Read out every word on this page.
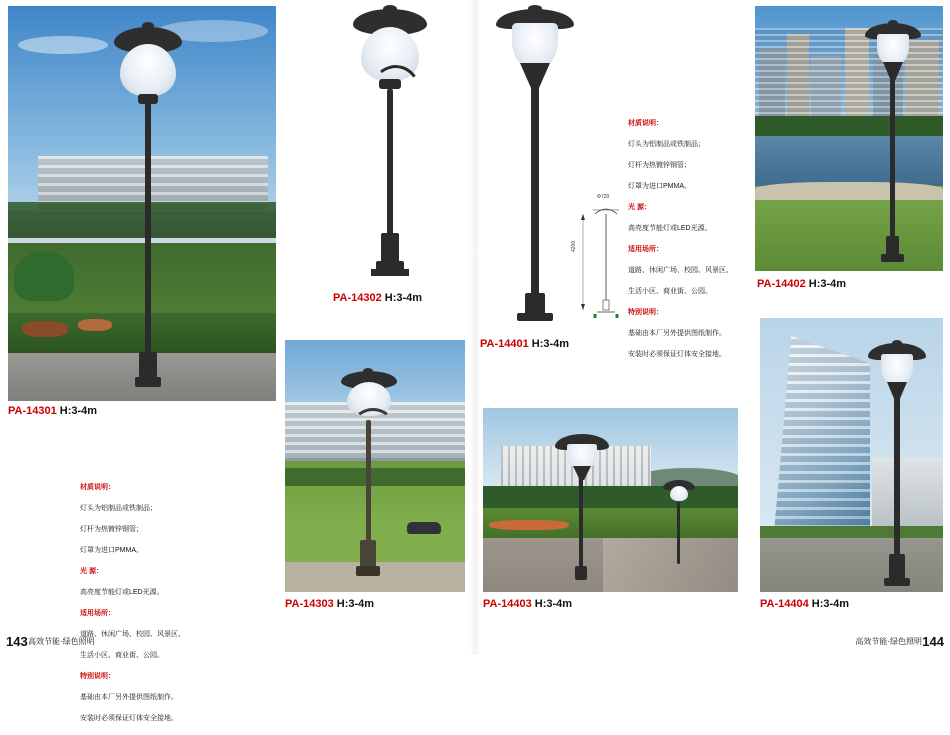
PA-14301 H:3-4m

材质说明：

灯头为铝制品或铁制品；

灯杆为热镀锌钢管；

灯罩为进口PMMA。

光 源：

高亮度节能灯或LED光源。

适用场所：

道路、休闲广场、校园、风景区、

生活小区、商业街、公园。

特别说明：

基础由本厂另外提供图纸制作。

安装时必须保证灯体安全接地。

PA-14302 H:3-4m
PA-14401 H:3-4m
Φ720
4200

材质说明：

灯头为铝制品或铁制品；

灯杆为热镀锌钢管；

灯罩为进口PMMA。

光 源：

高亮度节能灯或LED光源。

适用场所：

道路、休闲广场、校园、风景区、

生活小区、商业街、公园。

特别说明：

基础由本厂另外提供图纸制作。

安装时必须保证灯体安全接地。

PA-14402 H:3-4m
PA-14303 H:3-4m	PA-14403 H:3-4m	PA-14404 H:3-4m
143 高效节能·绿色照明	144
高效节能·绿色照明
